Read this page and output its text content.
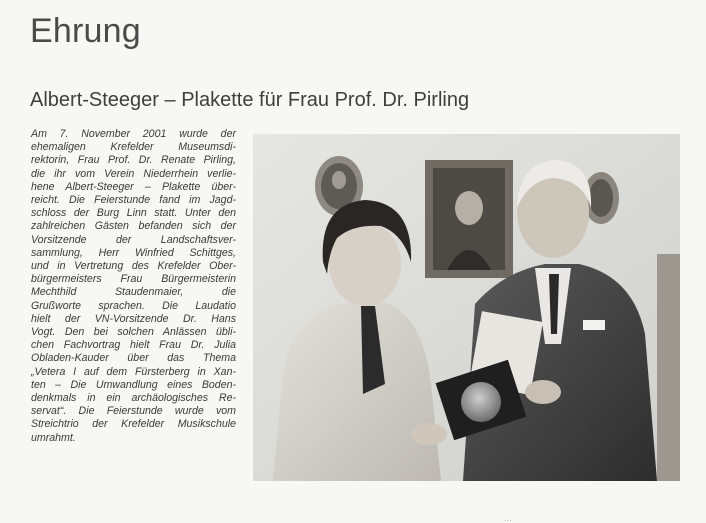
Ehrung
Albert-Steeger – Plakette für Frau Prof. Dr. Pirling

Am 7. November 2001 wurde der
ehemaligen Krefelder Museumsdi-
rektorin, Frau Prof. Dr. Renate Pirling,
die ihr vom Verein Niederrhein verlie-
hene Albert-Steeger – Plakette über-
reicht. Die Feierstunde fand im Jagd-
schloss der Burg Linn statt. Unter den
zahlreichen Gästen befanden sich der
Vorsitzende der Landschaftsver-
sammlung, Herr Winfried Schittges,
und in Vertretung des Krefelder Ober-
bürgermeisters Frau Bürgermeisterin
Mechthild Staudenmaier, die
Grußworte sprachen. Die Laudatio
hielt der VN-Vorsitzende Dr. Hans
Vogt. Den bei solchen Anlässen übli-
chen Fachvortrag hielt Frau Dr. Julia
Obladen-Kauder über das Thema
„Vetera I auf dem Fürsterberg in Xan-
ten – Die Umwandlung eines Boden-
denkmals in ein archäologisches Re-
servat“. Die Feierstunde wurde vom
Streichtrio der Krefelder Musikschule
umrahmt.

...
